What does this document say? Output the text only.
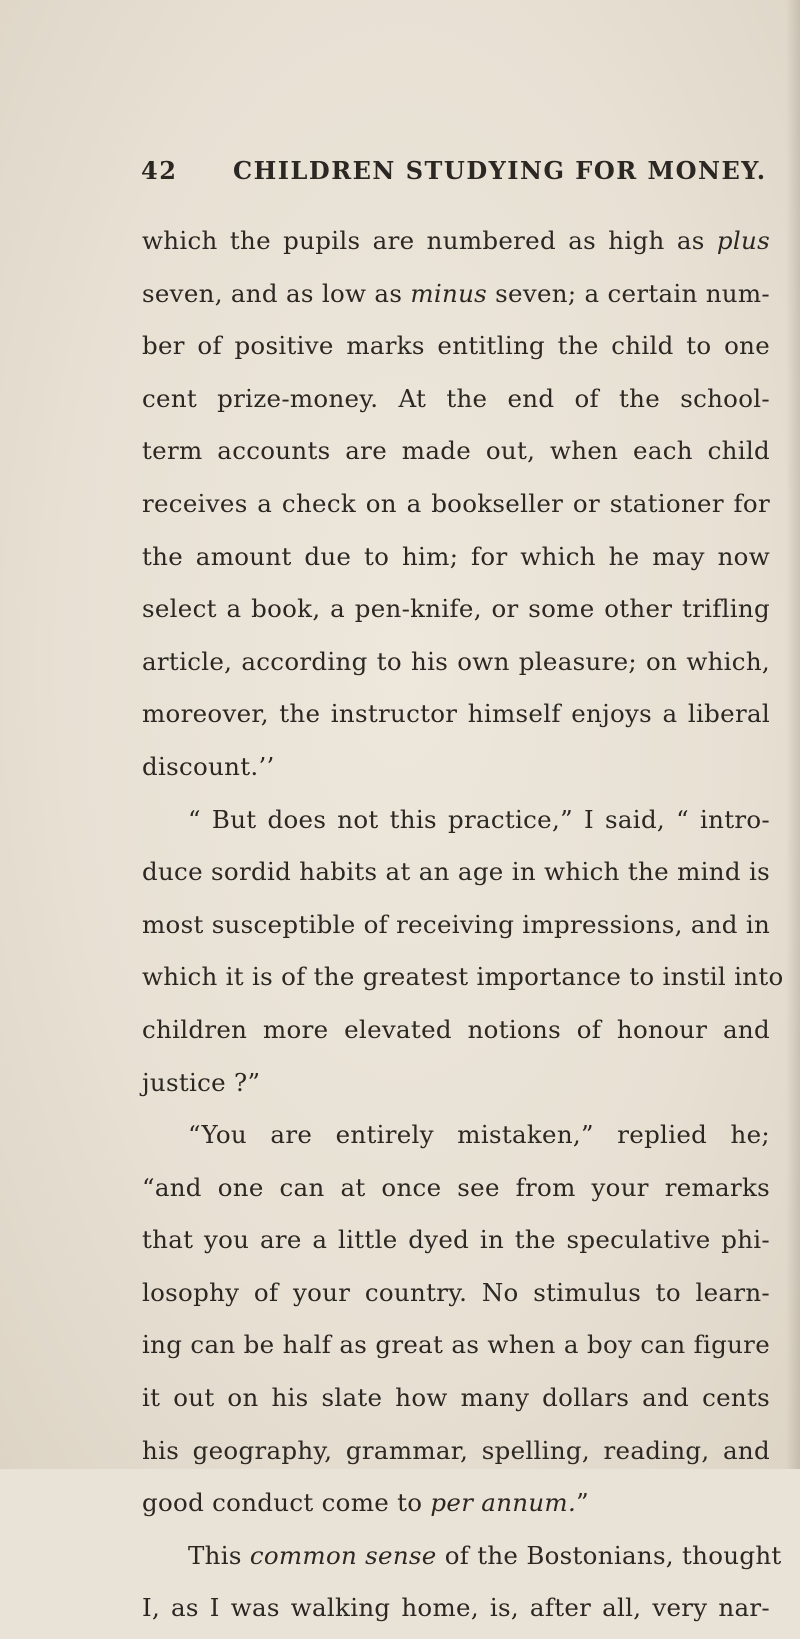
42 CHILDREN STUDYING FOR MONEY.
which the pupils are numbered as high as plus
seven, and as low as minus seven; a certain num-
ber of positive marks entitling the child to one
cent prize-money. At the end of the school-
term accounts are made out, when each child
receives a check on a bookseller or stationer for
the amount due to him; for which he may now
select a book, a pen-knife, or some other trifling
article, according to his own pleasure; on which,
moreover, the instructor himself enjoys a liberal
discount.’’
“ But does not this practice,” I said, “ intro-
duce sordid habits at an age in which the mind is
most susceptible of receiving impressions, and in
which it is of the greatest importance to instil into
children more elevated notions of honour and
justice ?”
“You are entirely mistaken,” replied he;
“and one can at once see from your remarks
that you are a little dyed in the speculative phi-
losophy of your country. No stimulus to learn-
ing can be half as great as when a boy can figure
it out on his slate how many dollars and cents
his geography, grammar, spelling, reading, and
good conduct come to per annum.”
This common sense of the Bostonians, thought
I, as I was walking home, is, after all, very nar-
